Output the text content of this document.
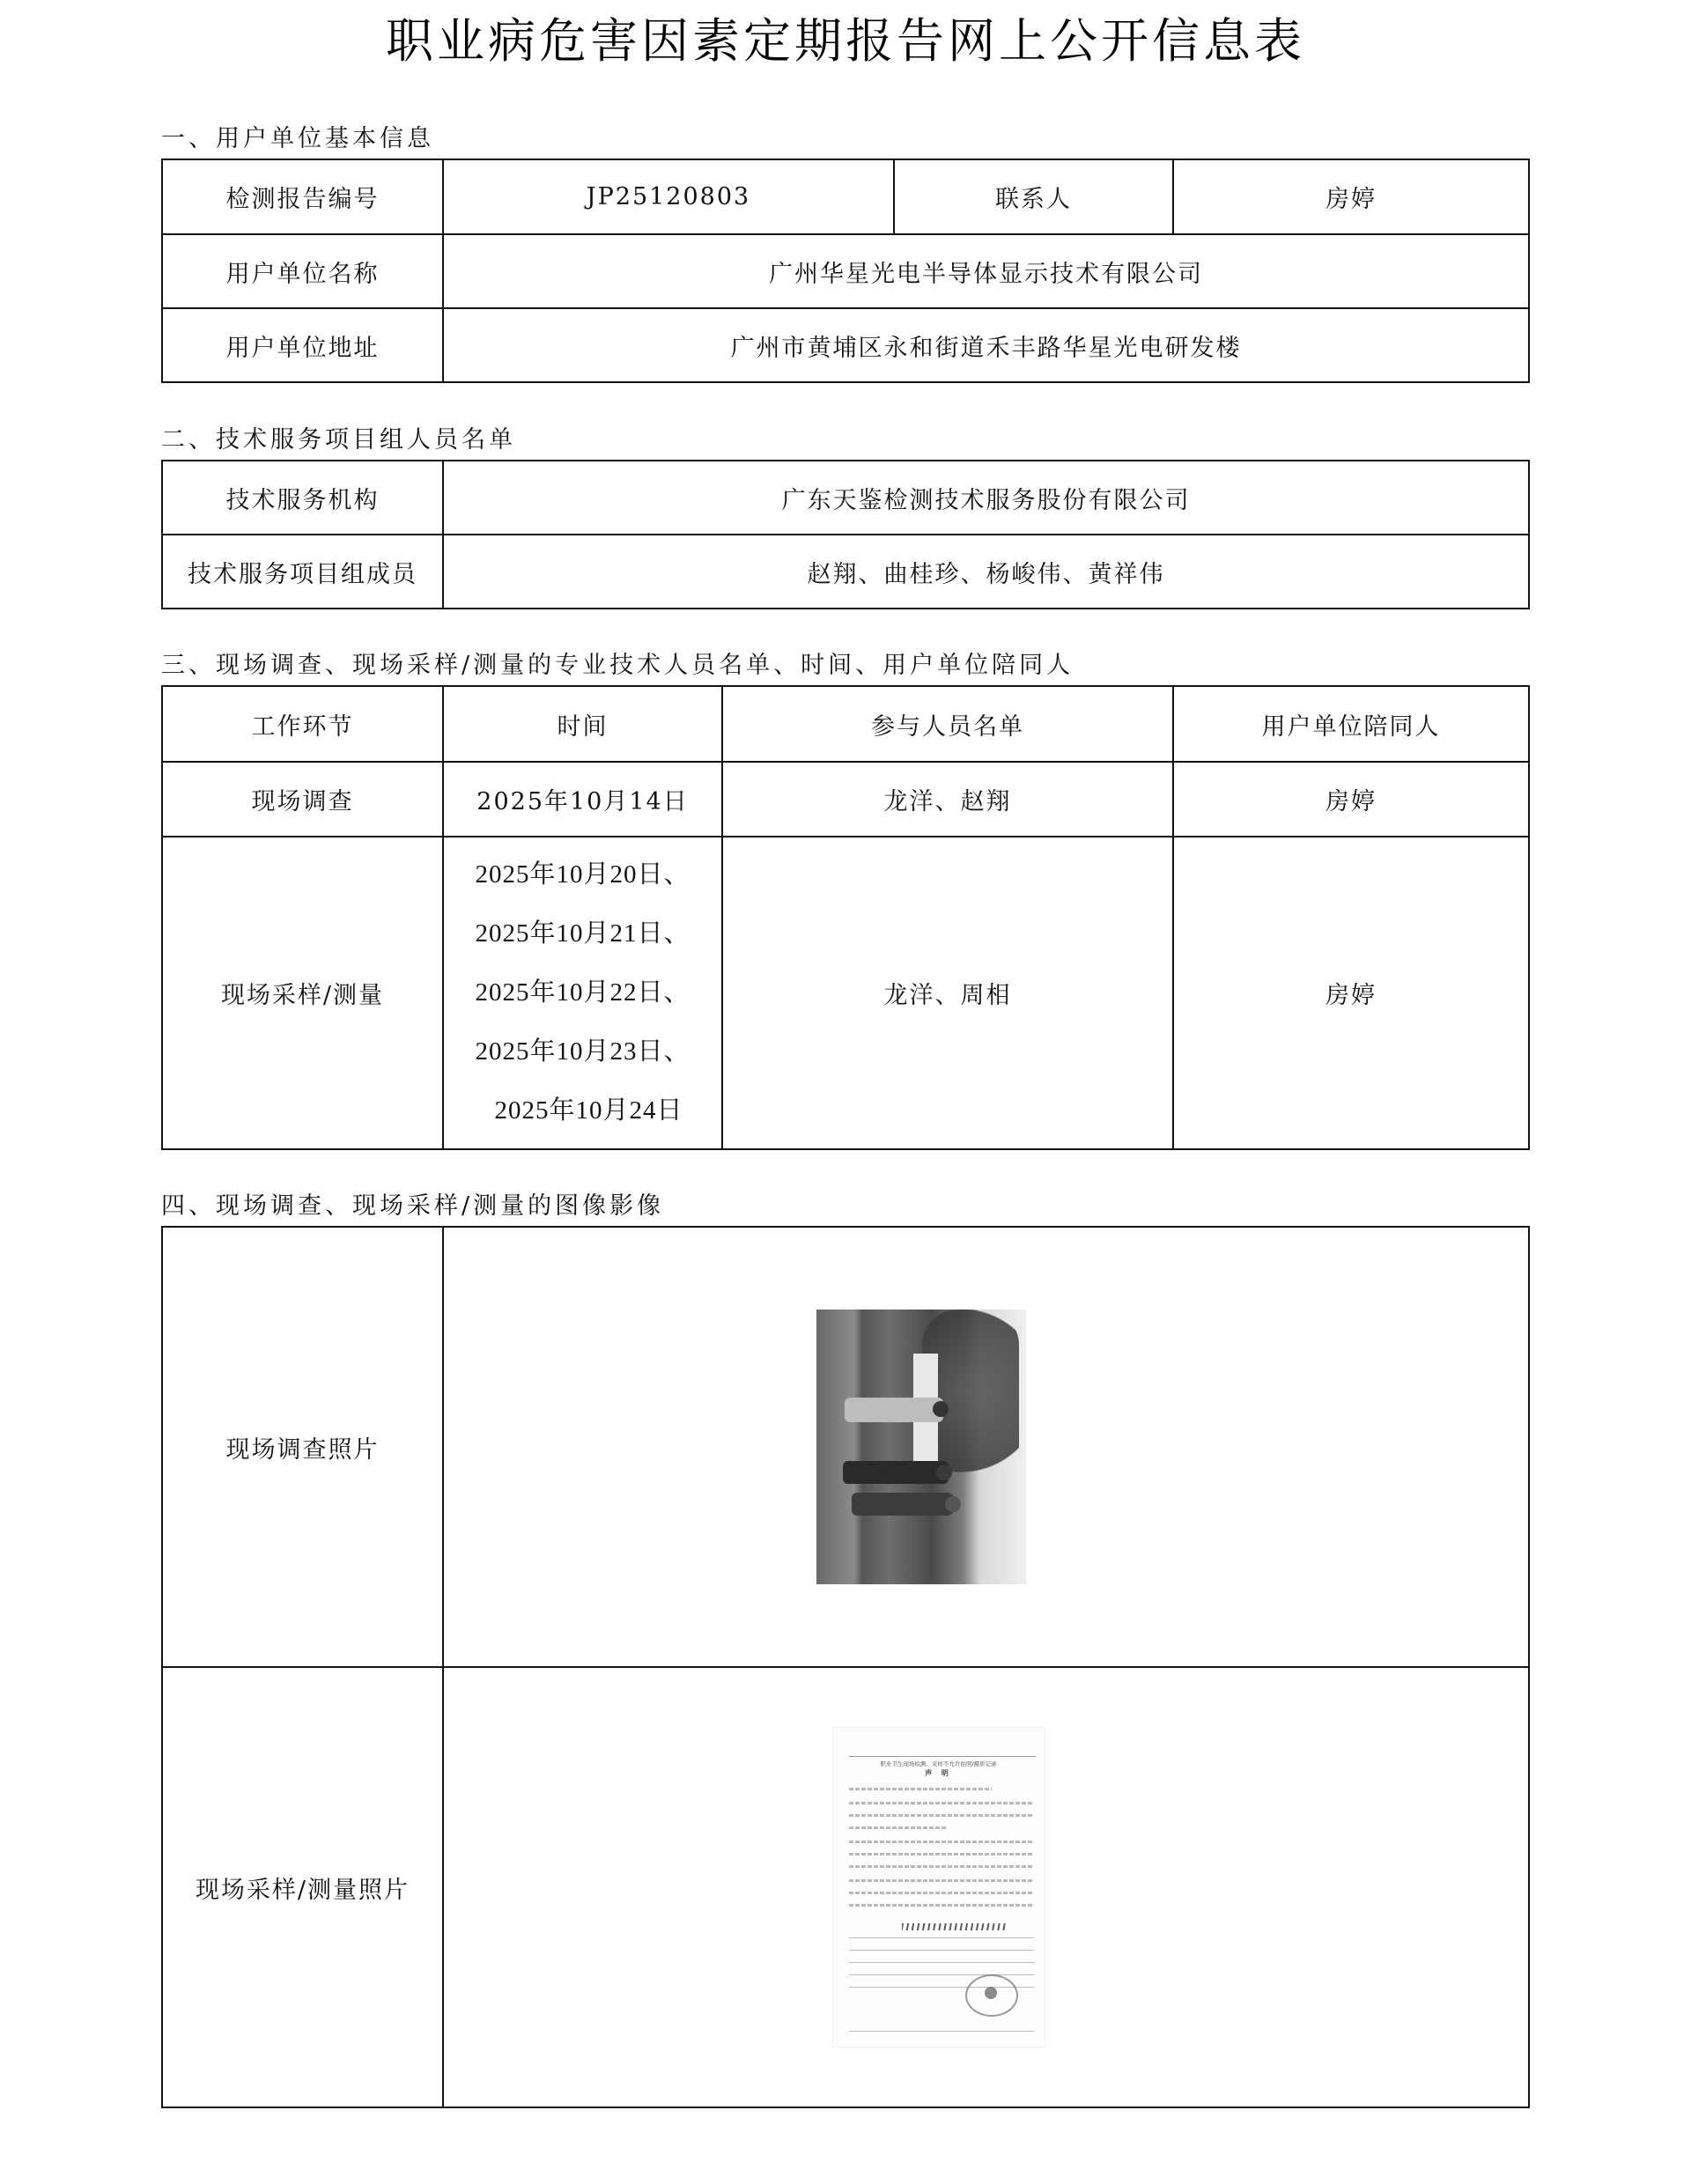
职业病危害因素定期报告网上公开信息表
一、用户单位基本信息
检测报告编号	JP25120803	联系人	房婷
用户单位名称	广州华星光电半导体显示技术有限公司		
用户单位地址	广州市黄埔区永和街道禾丰路华星光电研发楼		
二、技术服务项目组人员名单
技术服务机构	广东天鉴检测技术服务股份有限公司
技术服务项目组成员	赵翔、曲桂珍、杨峻伟、黄祥伟
三、现场调查、现场采样/测量的专业技术人员名单、时间、用户单位陪同人
工作环节	时间	参与人员名单	用户单位陪同人
现场调查	2025年10月14日	龙洋、赵翔	房婷
现场采样/测量	2025年10月20日、
2025年10月21日、
2025年10月22日、
2025年10月23日、
2025年10月24日	龙洋、周相	房婷
四、现场调查、现场采样/测量的图像影像
现场调查照片	

现场采样/测量照片	职业卫生现场检测、采样不允许拍照/摄影记录
声 明
